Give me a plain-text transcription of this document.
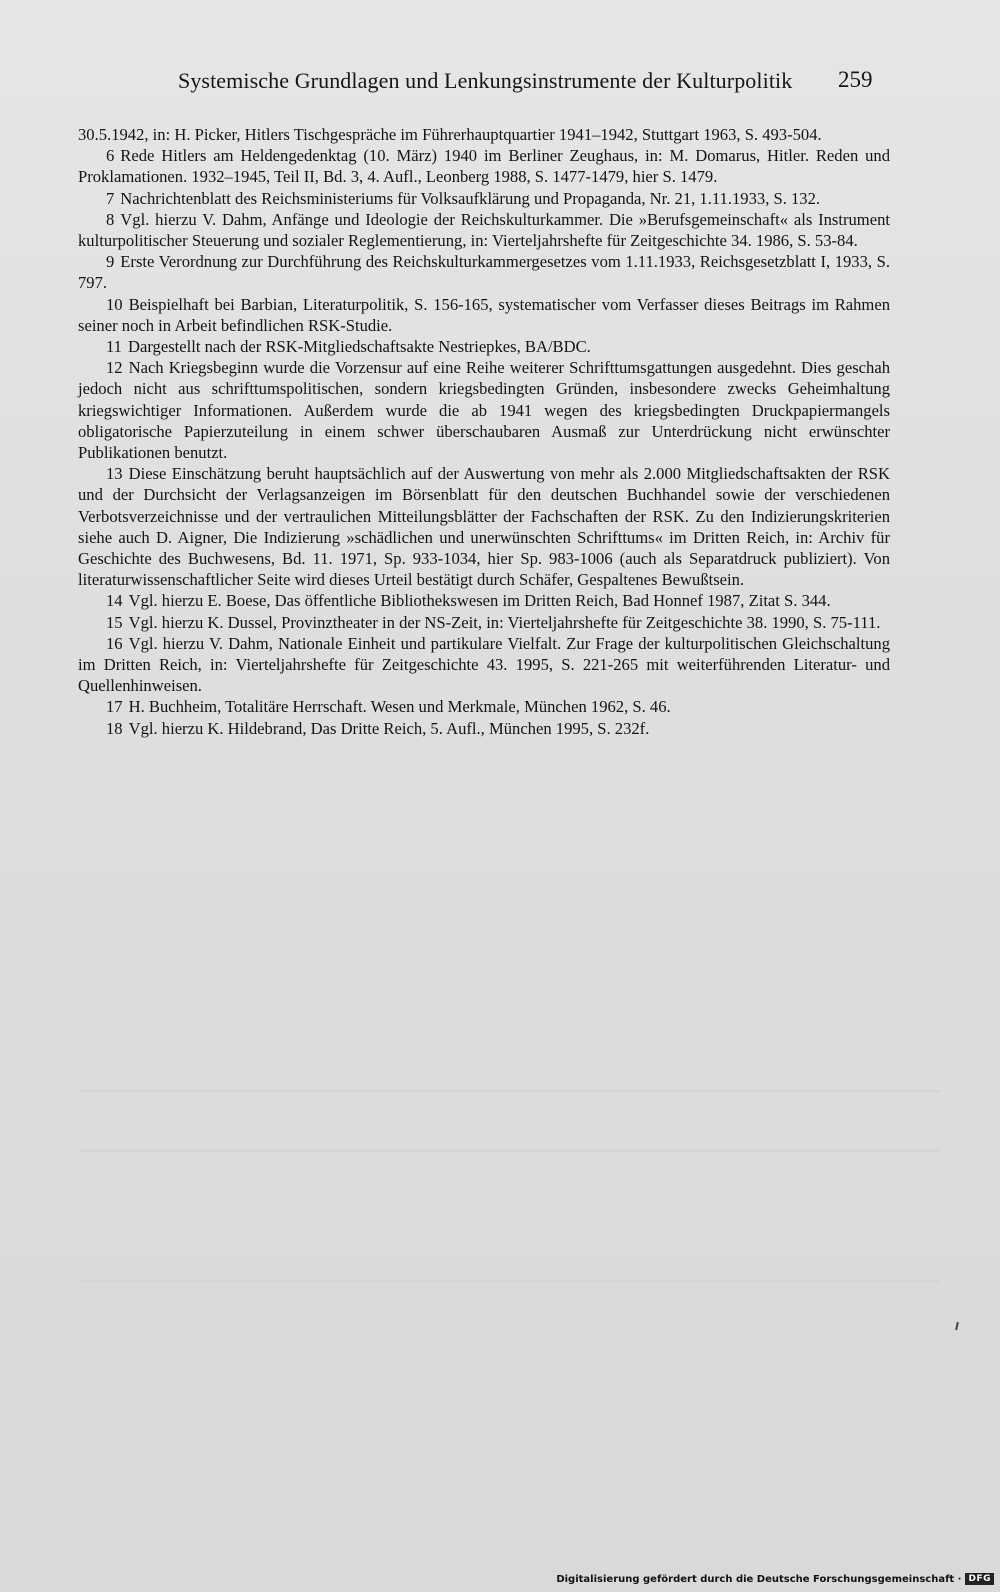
Systemische Grundlagen und Lenkungsinstrumente der Kulturpolitik 259

30.5.1942, in: H. Picker, Hitlers Tischgespräche im Führerhauptquartier 1941–1942, Stuttgart 1963, S. 493-504.

6 Rede Hitlers am Heldengedenktag (10. März) 1940 im Berliner Zeughaus, in: M. Domarus, Hitler. Reden und Proklamationen. 1932–1945, Teil II, Bd. 3, 4. Aufl., Leonberg 1988, S. 1477-1479, hier S. 1479.

7 Nachrichtenblatt des Reichsministeriums für Volksaufklärung und Propaganda, Nr. 21, 1.11.1933, S. 132.

8 Vgl. hierzu V. Dahm, Anfänge und Ideologie der Reichskulturkammer. Die »Berufsgemeinschaft« als Instrument kulturpolitischer Steuerung und sozialer Reglementierung, in: Vierteljahrshefte für Zeitgeschichte 34. 1986, S. 53-84.

9 Erste Verordnung zur Durchführung des Reichskulturkammergesetzes vom 1.11.1933, Reichsgesetzblatt I, 1933, S. 797.

10 Beispielhaft bei Barbian, Literaturpolitik, S. 156-165, systematischer vom Verfasser dieses Beitrags im Rahmen seiner noch in Arbeit befindlichen RSK-Studie.

11 Dargestellt nach der RSK-Mitgliedschaftsakte Nestriepkes, BA/BDC.

12 Nach Kriegsbeginn wurde die Vorzensur auf eine Reihe weiterer Schrifttumsgattungen ausgedehnt. Dies geschah jedoch nicht aus schrifttumspolitischen, sondern kriegsbedingten Gründen, insbesondere zwecks Geheimhaltung kriegswichtiger Informationen. Außerdem wurde die ab 1941 wegen des kriegsbedingten Druckpapiermangels obligatorische Papierzuteilung in einem schwer überschaubaren Ausmaß zur Unterdrückung nicht erwünschter Publikationen benutzt.

13 Diese Einschätzung beruht hauptsächlich auf der Auswertung von mehr als 2.000 Mitgliedschaftsakten der RSK und der Durchsicht der Verlagsanzeigen im Börsenblatt für den deutschen Buchhandel sowie der verschiedenen Verbotsverzeichnisse und der vertraulichen Mitteilungsblätter der Fachschaften der RSK. Zu den Indizierungskriterien siehe auch D. Aigner, Die Indizierung »schädlichen und unerwünschten Schrifttums« im Dritten Reich, in: Archiv für Geschichte des Buchwesens, Bd. 11. 1971, Sp. 933-1034, hier Sp. 983-1006 (auch als Separatdruck publiziert). Von literaturwissenschaftlicher Seite wird dieses Urteil bestätigt durch Schäfer, Gespaltenes Bewußtsein.

14 Vgl. hierzu E. Boese, Das öffentliche Bibliothekswesen im Dritten Reich, Bad Honnef 1987, Zitat S. 344.

15 Vgl. hierzu K. Dussel, Provinztheater in der NS-Zeit, in: Vierteljahrshefte für Zeitgeschichte 38. 1990, S. 75-111.

16 Vgl. hierzu V. Dahm, Nationale Einheit und partikulare Vielfalt. Zur Frage der kulturpolitischen Gleichschaltung im Dritten Reich, in: Vierteljahrshefte für Zeitgeschichte 43. 1995, S. 221-265 mit weiterführenden Literatur- und Quellenhinweisen.

17 H. Buchheim, Totalitäre Herrschaft. Wesen und Merkmale, München 1962, S. 46.

18 Vgl. hierzu K. Hildebrand, Das Dritte Reich, 5. Aufl., München 1995, S. 232f.

Digitalisierung gefördert durch die Deutsche Forschungsgemeinschaft · DFG
